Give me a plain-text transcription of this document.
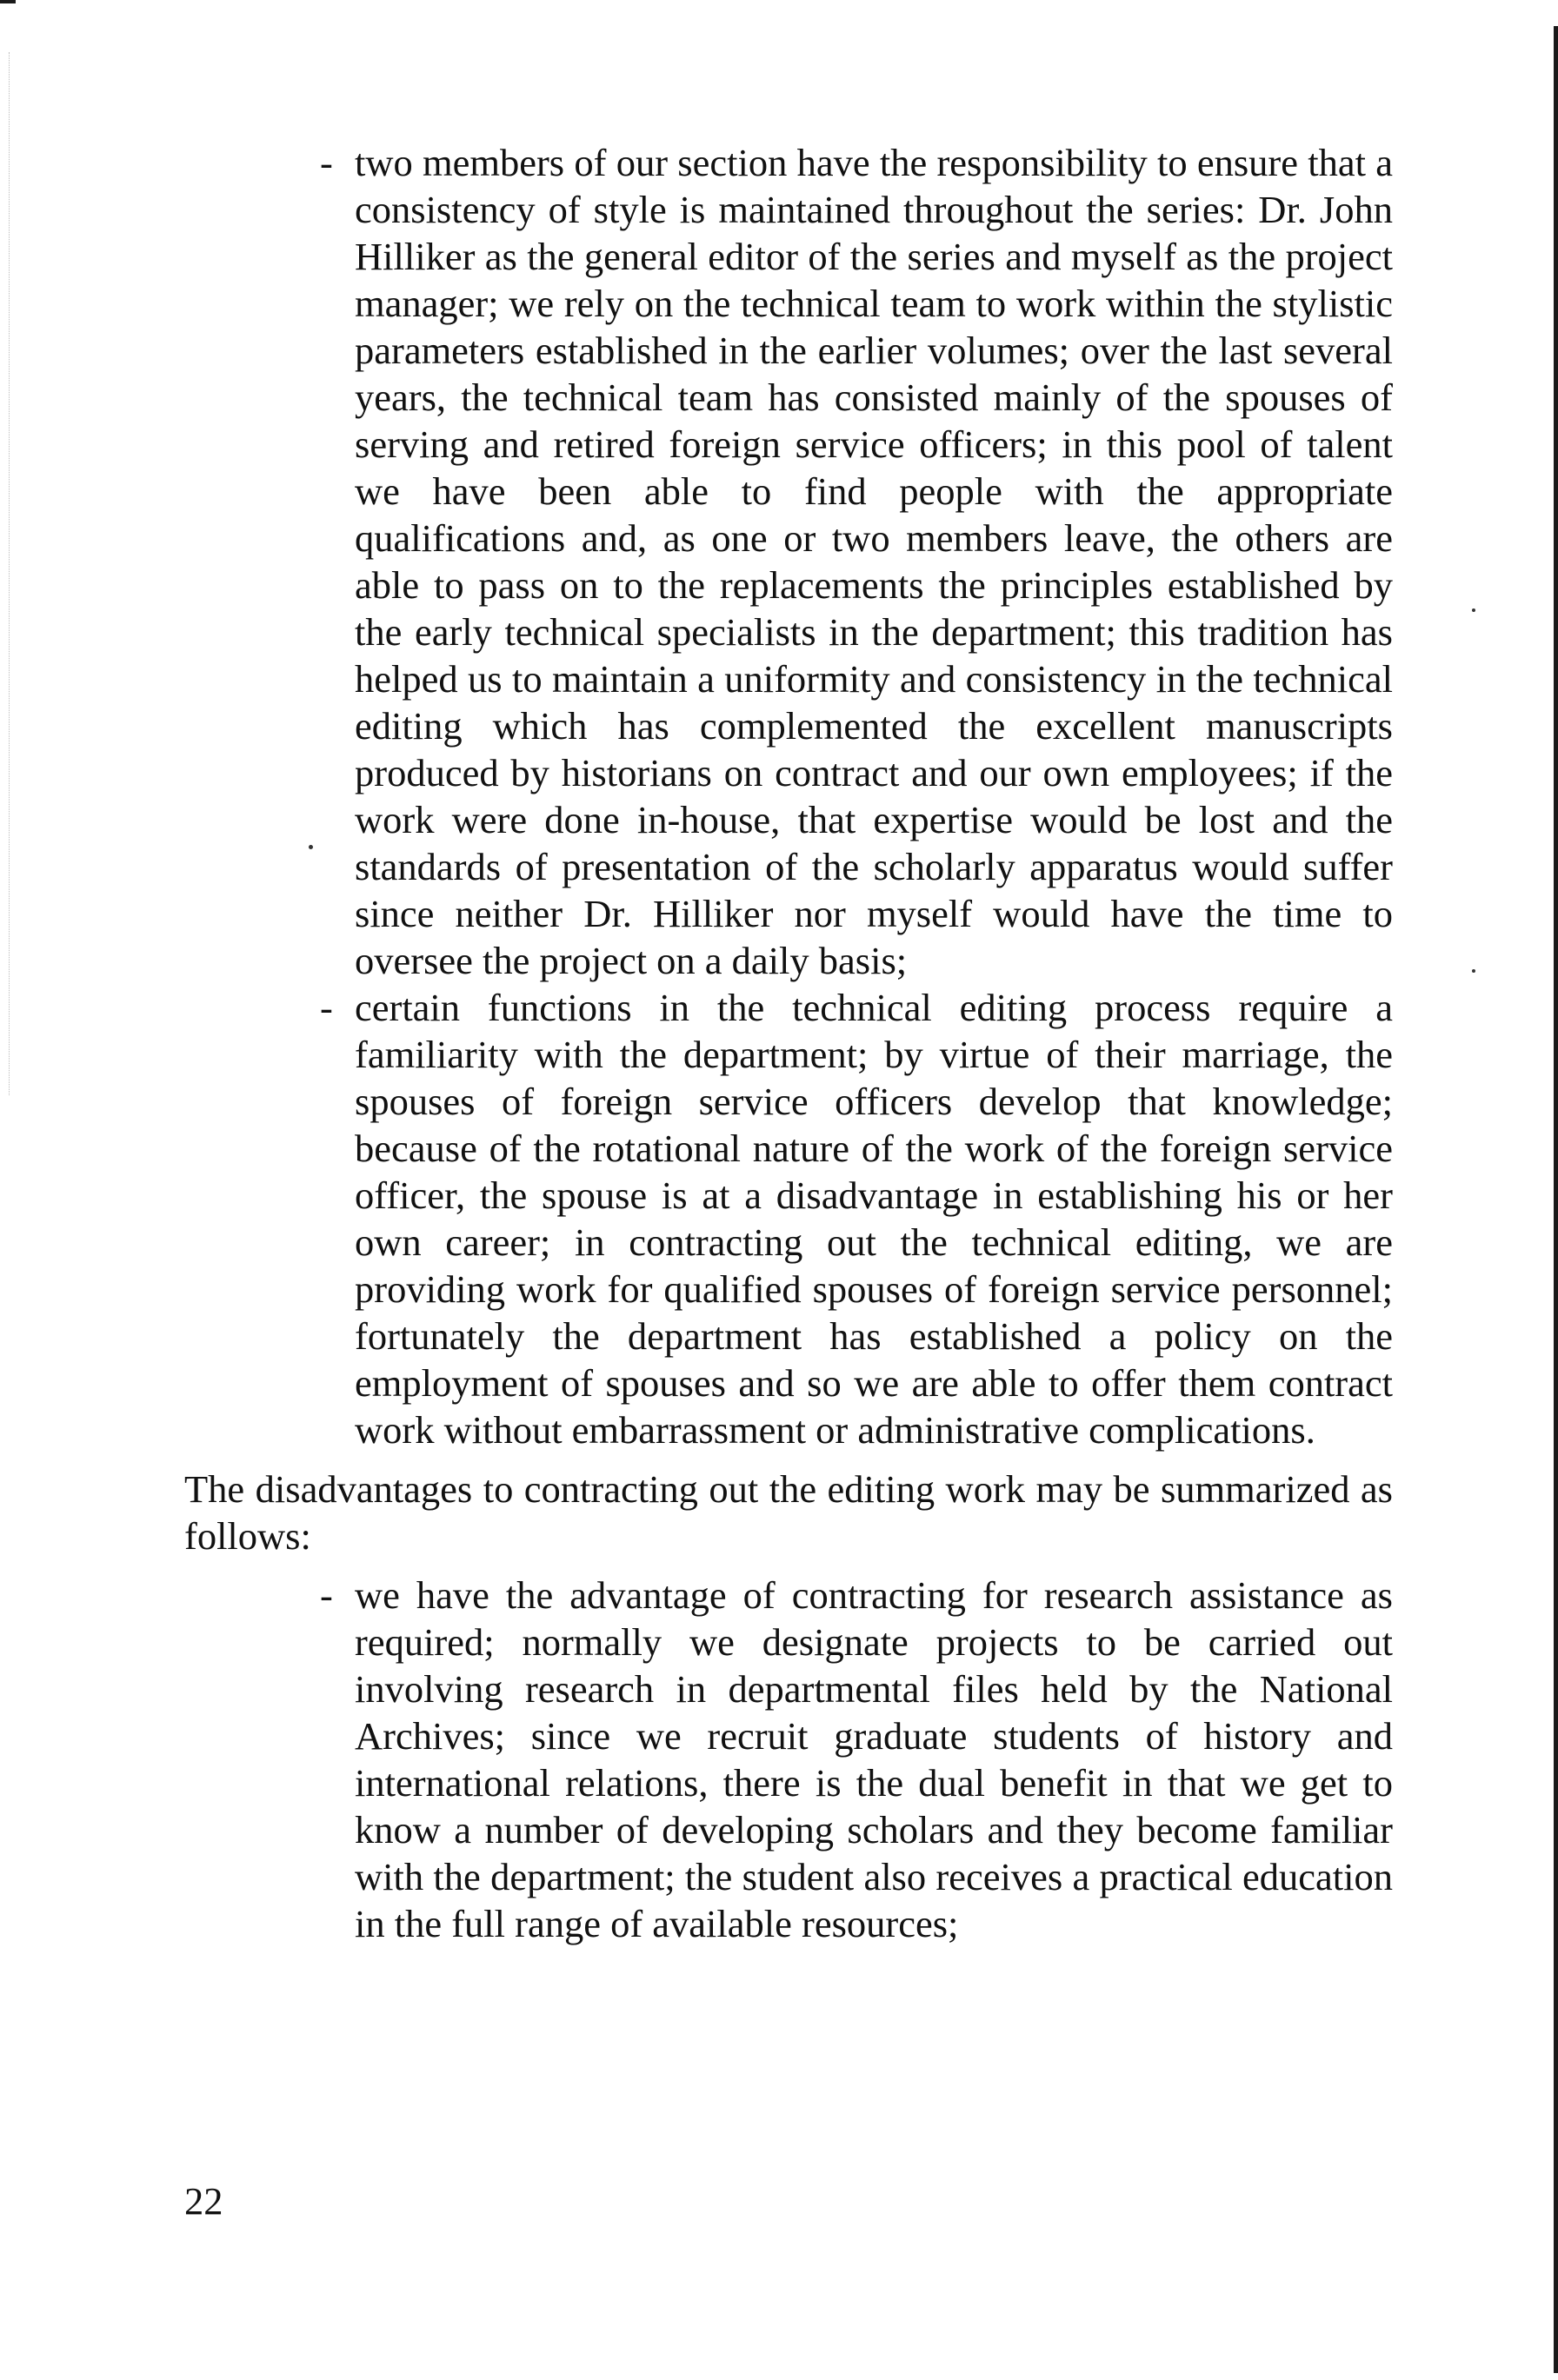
- two members of our section have the responsibility to ensure that a consistency of style is maintained throughout the series: Dr. John Hilliker as the general editor of the series and myself as the project manager; we rely on the technical team to work within the stylistic parameters established in the earlier volumes; over the last several years, the technical team has consisted mainly of the spouses of serving and retired foreign service officers; in this pool of talent we have been able to find people with the appropriate qualifications and, as one or two members leave, the others are able to pass on to the replacements the principles established by the early technical specialists in the department; this tradition has helped us to maintain a uniformity and consistency in the technical editing which has complemented the excellent manuscripts produced by historians on contract and our own employees; if the work were done in-house, that expertise would be lost and the standards of presentation of the scholarly apparatus would suffer since neither Dr. Hilliker nor myself would have the time to oversee the project on a daily basis;
- certain functions in the technical editing process require a familiarity with the department; by virtue of their marriage, the spouses of foreign service officers develop that knowledge; because of the rotational nature of the work of the foreign service officer, the spouse is at a disadvantage in establishing his or her own career; in contracting out the technical editing, we are providing work for qualified spouses of foreign service personnel; fortunately the department has established a policy on the employment of spouses and so we are able to offer them contract work without embarrassment or administrative complications.

The disadvantages to contracting out the editing work may be summarized as follows:

- we have the advantage of contracting for research assistance as required; normally we designate projects to be carried out involving research in departmental files held by the National Archives; since we recruit graduate students of history and international relations, there is the dual benefit in that we get to know a number of developing scholars and they become familiar with the department; the student also receives a practical education in the full range of available resources;
22
